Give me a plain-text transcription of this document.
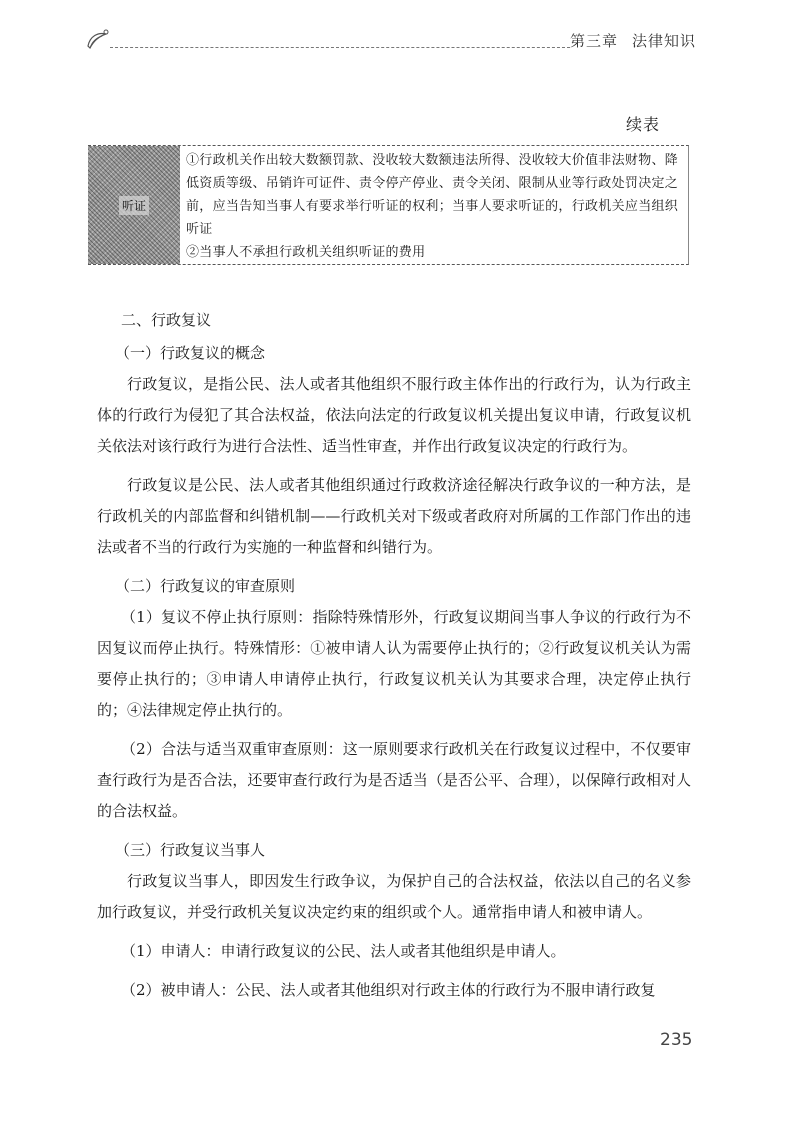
第三章 法律知识
续表
听证

①行政机关作出较大数额罚款、没收较大数额违法所得、没收较大价值非法财物、降低资质等级、吊销许可证件、责令停产停业、责令关闭、限制从业等行政处罚决定之前，应当告知当事人有要求举行听证的权利；当事人要求听证的，行政机关应当组织听证

②当事人不承担行政机关组织听证的费用

二、行政复议

（一）行政复议的概念

行政复议，是指公民、法人或者其他组织不服行政主体作出的行政行为，认为行政主体的行政行为侵犯了其合法权益，依法向法定的行政复议机关提出复议申请，行政复议机关依法对该行政行为进行合法性、适当性审查，并作出行政复议决定的行政行为。

行政复议是公民、法人或者其他组织通过行政救济途径解决行政争议的一种方法，是行政机关的内部监督和纠错机制——行政机关对下级或者政府对所属的工作部门作出的违法或者不当的行政行为实施的一种监督和纠错行为。

（二）行政复议的审查原则

（1）复议不停止执行原则：指除特殊情形外，行政复议期间当事人争议的行政行为不因复议而停止执行。特殊情形：①被申请人认为需要停止执行的；②行政复议机关认为需要停止执行的；③申请人申请停止执行，行政复议机关认为其要求合理，决定停止执行的；④法律规定停止执行的。

（2）合法与适当双重审查原则：这一原则要求行政机关在行政复议过程中，不仅要审查行政行为是否合法，还要审查行政行为是否适当（是否公平、合理），以保障行政相对人的合法权益。

（三）行政复议当事人

行政复议当事人，即因发生行政争议，为保护自己的合法权益，依法以自己的名义参加行政复议，并受行政机关复议决定约束的组织或个人。通常指申请人和被申请人。

（1）申请人：申请行政复议的公民、法人或者其他组织是申请人。

（2）被申请人：公民、法人或者其他组织对行政主体的行政行为不服申请行政复

235
